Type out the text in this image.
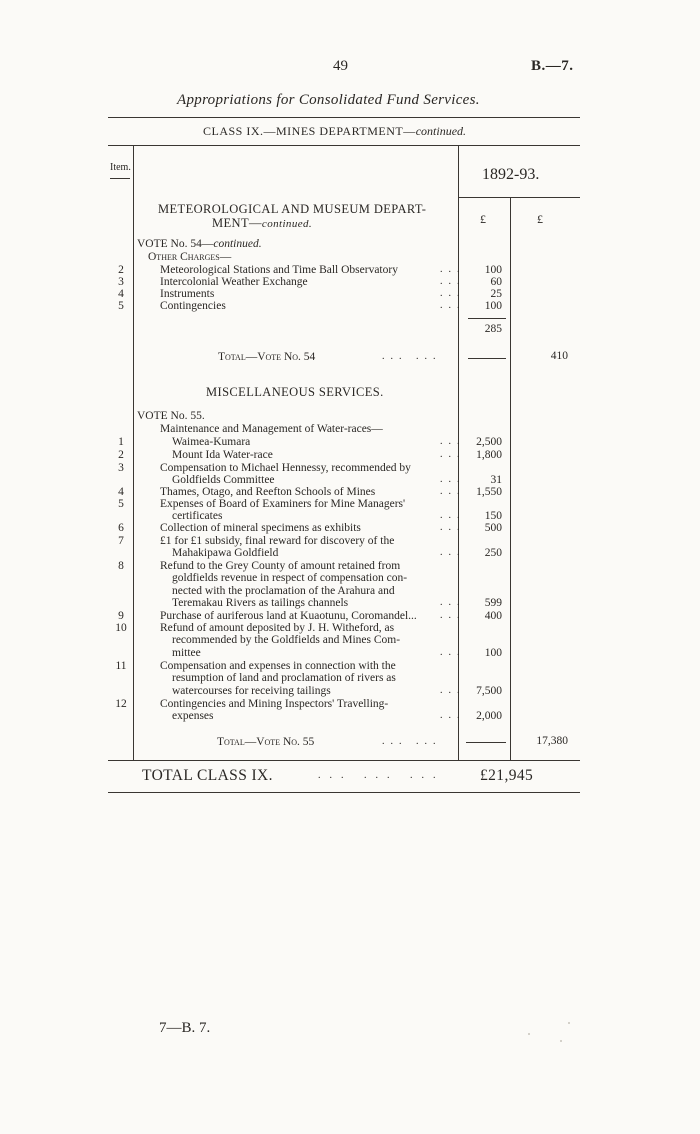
49	B.—7.
Appropriations for Consolidated Fund Services.
CLASS IX.—MINES DEPARTMENT—continued.
Item.	1892-93.
METEOROLOGICAL AND MUSEUM DEPART-
MENT—continued.	£	£
VOTE No. 54—continued.
Other Charges—
2	Meteorological Stations and Time Ball Observatory	100
3	Intercolonial Weather Exchange	60
4	Instruments	25
5	Contingencies	100
285
Total—Vote No. 54	... ...	410
MISCELLANEOUS SERVICES.
VOTE No. 55.
Maintenance and Management of Water-races—
1	Waimea-Kumara	2,500
2	Mount Ida Water-race	1,800
3	Compensation to Michael Hennessy, recommended by
Goldfields Committee	31
4	Thames, Otago, and Reefton Schools of Mines	1,550
5	Expenses of Board of Examiners for Mine Managers'
certificates	150
6	Collection of mineral specimens as exhibits	500
7	£1 for £1 subsidy, final reward for discovery of the
Mahakipawa Goldfield	250
8	Refund to the Grey County of amount retained from
goldfields revenue in respect of compensation con-
nected with the proclamation of the Arahura and
Teremakau Rivers as tailings channels	599
9	Purchase of auriferous land at Kuaotunu, Coromandel...	400
10	Refund of amount deposited by J. H. Witheford, as
recommended by the Goldfields and Mines Com-
mittee	100
11	Compensation and expenses in connection with the
resumption of land and proclamation of rivers as
watercourses for receiving tailings	7,500
12	Contingencies and Mining Inspectors' Travelling-
expenses	2,000
...
...
...
...
...
...
...
...
...
...
...
...
...
...
...
...
Total—Vote No. 55	... ...	17,380
TOTAL CLASS IX.	... ... ... £21,945
7—B. 7.
